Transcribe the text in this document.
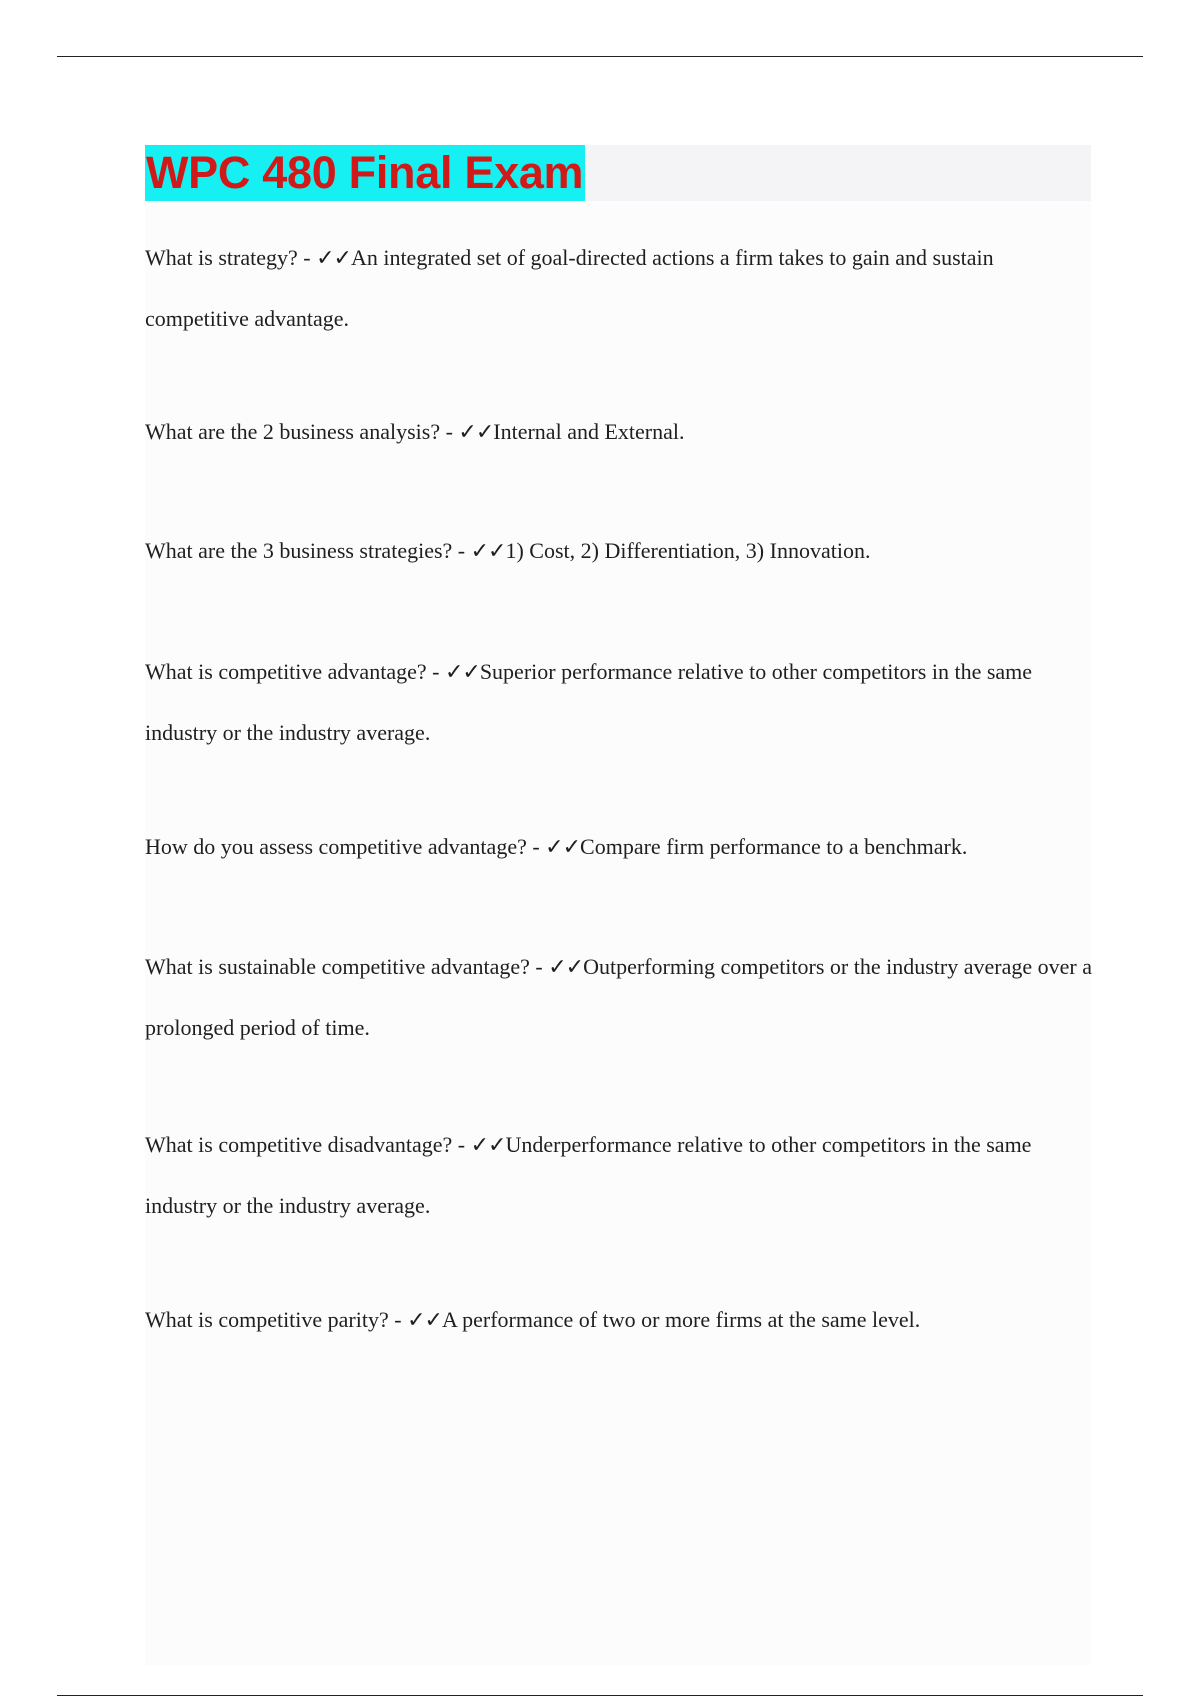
WPC 480 Final Exam

What is strategy? - ✓✓An integrated set of goal-directed actions a firm takes to gain and sustain competitive advantage.

What are the 2 business analysis? - ✓✓Internal and External.

What are the 3 business strategies? - ✓✓1) Cost, 2) Differentiation, 3) Innovation.

What is competitive advantage? - ✓✓Superior performance relative to other competitors in the same industry or the industry average.

How do you assess competitive advantage? - ✓✓Compare firm performance to a benchmark.

What is sustainable competitive advantage? - ✓✓Outperforming competitors or the industry average over a prolonged period of time.

What is competitive disadvantage? - ✓✓Underperformance relative to other competitors in the same industry or the industry average.

What is competitive parity? - ✓✓A performance of two or more firms at the same level.
